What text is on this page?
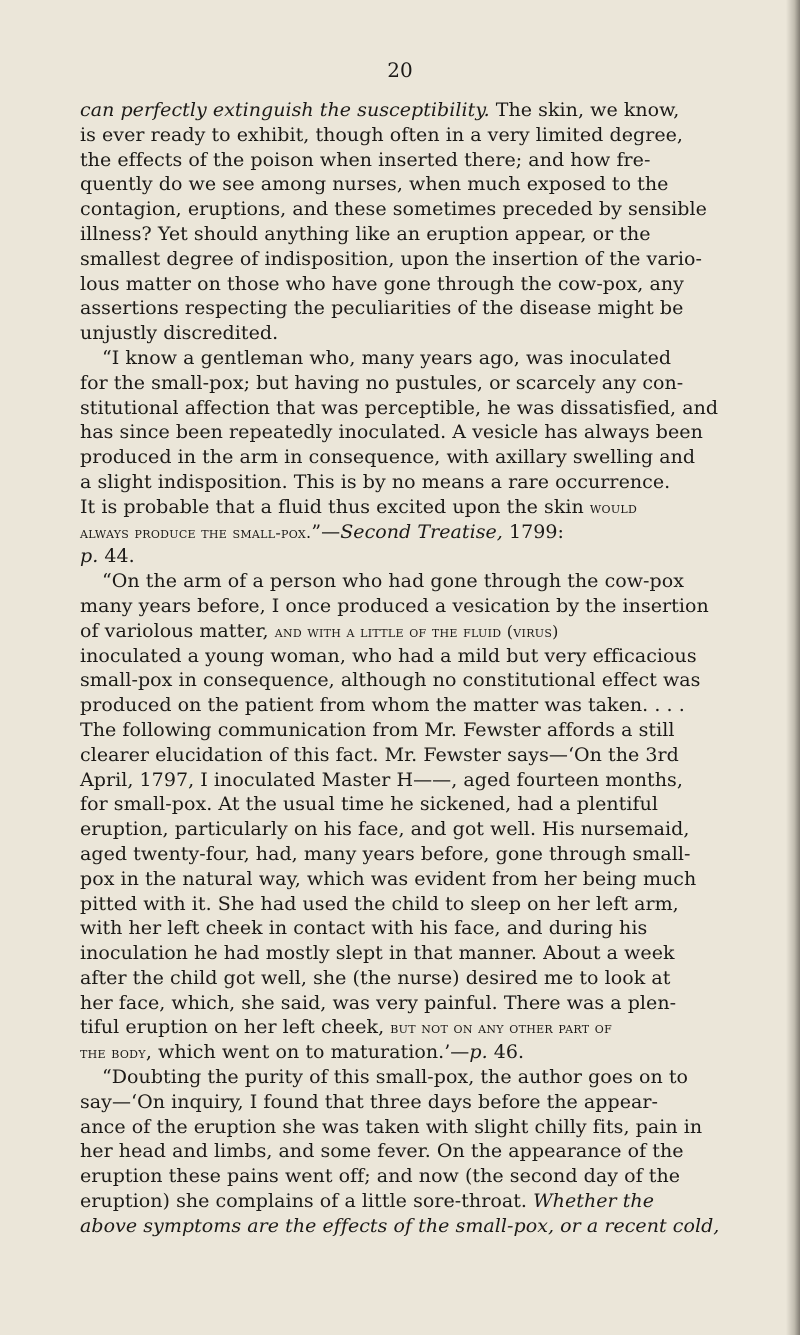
20
can perfectly extinguish the susceptibility. The skin, we know,
is ever ready to exhibit, though often in a very limited degree,
the effects of the poison when inserted there; and how fre-
quently do we see among nurses, when much exposed to the
contagion, eruptions, and these sometimes preceded by sensible
illness? Yet should anything like an eruption appear, or the
smallest degree of indisposition, upon the insertion of the vario-
lous matter on those who have gone through the cow-pox, any
assertions respecting the peculiarities of the disease might be
unjustly discredited.
“I know a gentleman who, many years ago, was inoculated
for the small-pox; but having no pustules, or scarcely any con-
stitutional affection that was perceptible, he was dissatisfied, and
has since been repeatedly inoculated. A vesicle has always been
produced in the arm in consequence, with axillary swelling and
a slight indisposition. This is by no means a rare occurrence.
It is probable that a fluid thus excited upon the skin would
always produce the small-pox.”—Second Treatise, 1799:
p. 44.
“On the arm of a person who had gone through the cow-pox
many years before, I once produced a vesication by the insertion
of variolous matter, and with a little of the fluid (virus)
inoculated a young woman, who had a mild but very efficacious
small-pox in consequence, although no constitutional effect was
produced on the patient from whom the matter was taken. . . .
The following communication from Mr. Fewster affords a still
clearer elucidation of this fact. Mr. Fewster says—‘On the 3rd
April, 1797, I inoculated Master H——, aged fourteen months,
for small-pox. At the usual time he sickened, had a plentiful
eruption, particularly on his face, and got well. His nursemaid,
aged twenty-four, had, many years before, gone through small-
pox in the natural way, which was evident from her being much
pitted with it. She had used the child to sleep on her left arm,
with her left cheek in contact with his face, and during his
inoculation he had mostly slept in that manner. About a week
after the child got well, she (the nurse) desired me to look at
her face, which, she said, was very painful. There was a plen-
tiful eruption on her left cheek, but not on any other part of
the body, which went on to maturation.’—p. 46.
“Doubting the purity of this small-pox, the author goes on to
say—‘On inquiry, I found that three days before the appear-
ance of the eruption she was taken with slight chilly fits, pain in
her head and limbs, and some fever. On the appearance of the
eruption these pains went off; and now (the second day of the
eruption) she complains of a little sore-throat. Whether the
above symptoms are the effects of the small-pox, or a recent cold,
